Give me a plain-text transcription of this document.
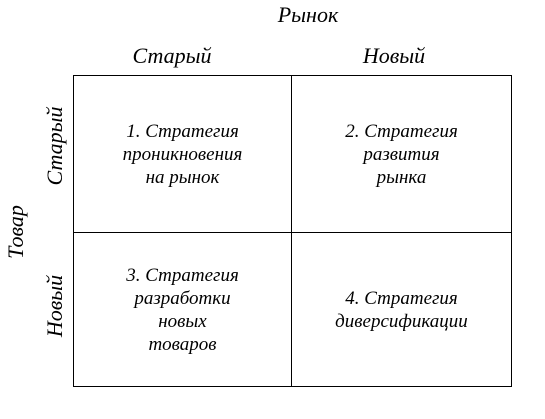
Рынок
Старый	Новый
Товар
Старый
Новый
1. Стратегия
проникновения
на рынок
2. Стратегия
развития
рынка
3. Стратегия
разработки
новых
товаров
4. Стратегия
диверсификации
